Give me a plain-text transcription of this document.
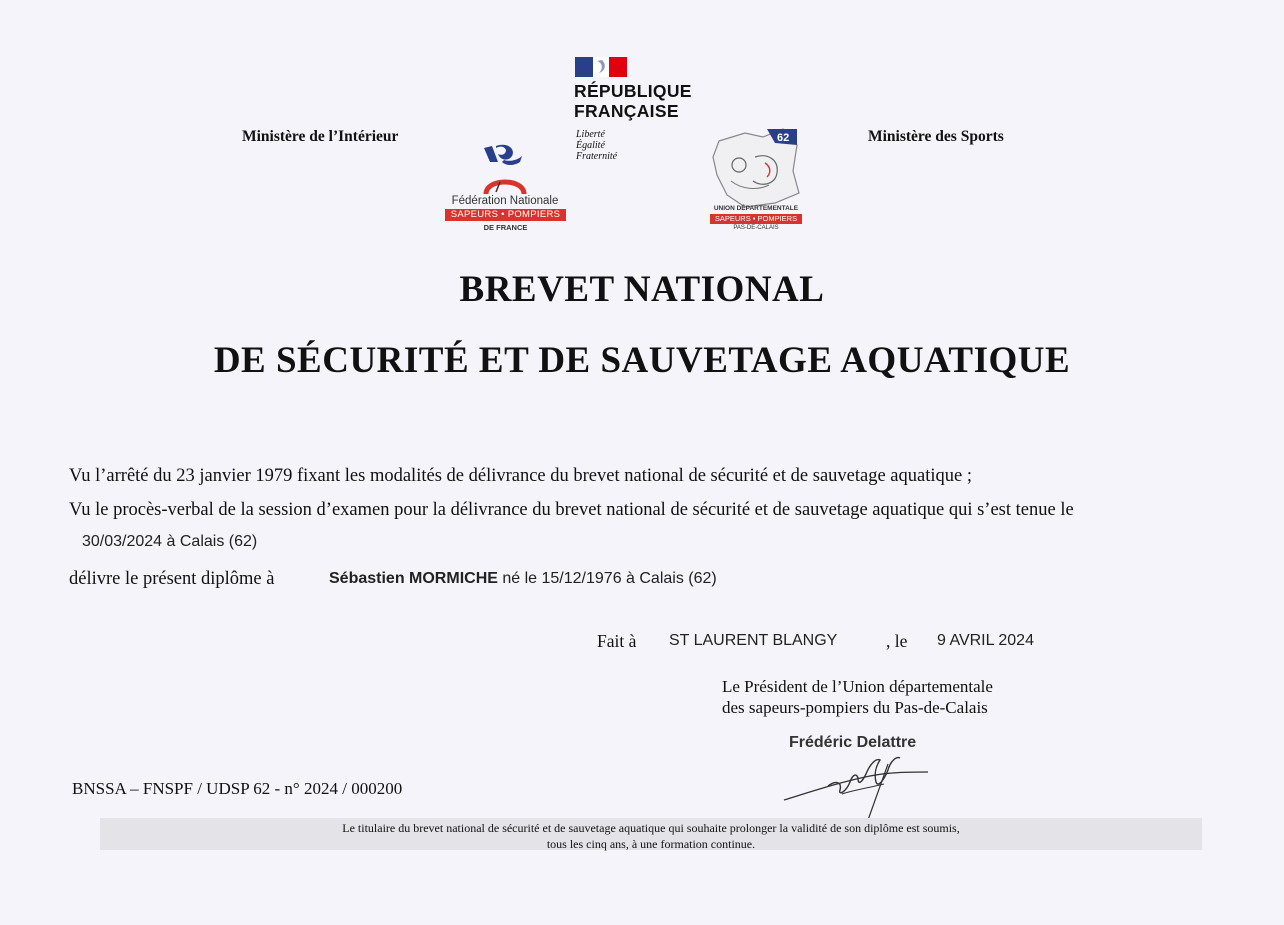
Ministère de l’Intérieur	Ministère des Sports
RÉPUBLIQUE
FRANÇAISE
Liberté
Égalité
Fraternité
Fédération Nationale
SAPEURS • POMPIERS
DE FRANCE
62
UNION DÉPARTEMENTALE
SAPEURS • POMPIERS
PAS-DE-CALAIS
BREVET NATIONAL
DE SÉCURITÉ ET DE SAUVETAGE AQUATIQUE
Vu l’arrêté du 23 janvier 1979 fixant les modalités de délivrance du brevet national de sécurité et de sauvetage aquatique ;
Vu le procès-verbal de la session d’examen pour la délivrance du brevet national de sécurité et de sauvetage aquatique qui s’est tenue le
30/03/2024 à Calais (62)
délivre le présent diplôme à	Sébastien MORMICHE né le 15/12/1976 à Calais (62)
Fait à ST LAURENT BLANGY	, le 9 AVRIL 2024
Le Président de l’Union départementale
des sapeurs-pompiers du Pas-de-Calais
Frédéric Delattre
BNSSA – FNSPF / UDSP 62 - n° 2024 / 000200
Le titulaire du brevet national de sécurité et de sauvetage aquatique qui souhaite prolonger la validité de son diplôme est soumis,
tous les cinq ans, à une formation continue.
